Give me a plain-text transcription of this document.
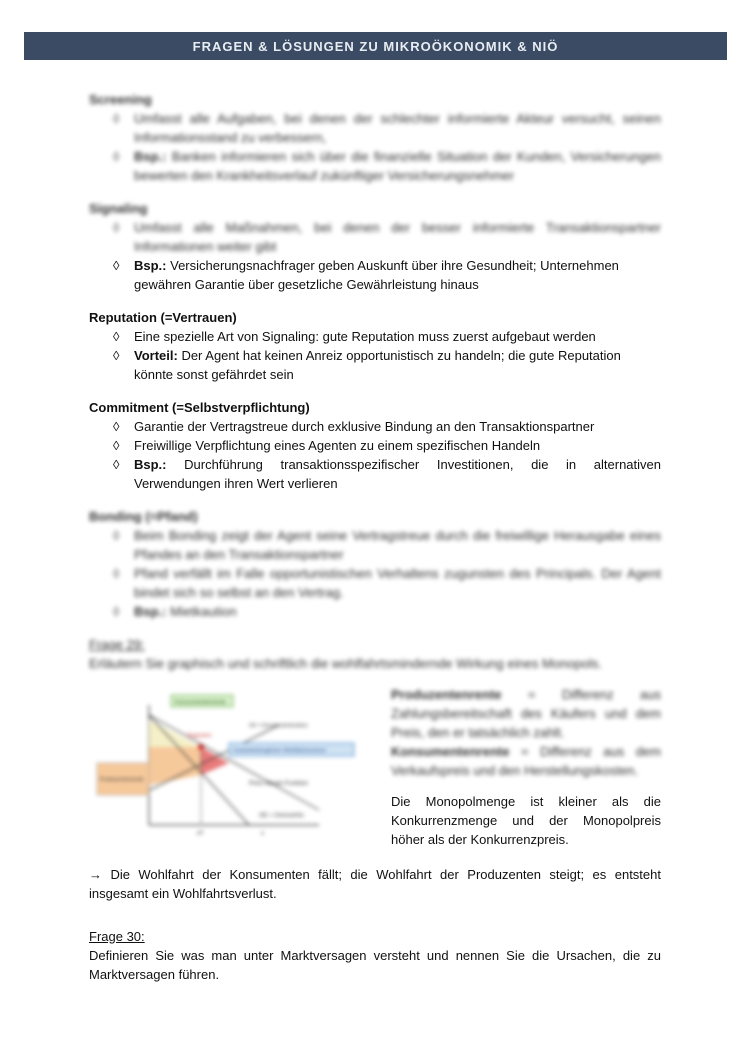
FRAGEN & LÖSUNGEN ZU MIKROÖKONOMIK & NIÖ
Screening
◊ Umfasst alle Aufgaben, bei denen der schlechter informierte Akteur versucht, seinen Informationsstand zu verbessern,
◊ Bsp.: Banken informieren sich über die finanzielle Situation der Kunden, Versicherungen bewerten den Krankheitsverlauf zukünftiger Versicherungsnehmer
Signaling
◊ Umfasst alle Maßnahmen, bei denen der besser informierte Transaktionspartner Informationen weiter gibt
◊ Bsp.: Versicherungsnachfrager geben Auskunft über ihre Gesundheit; Unternehmen gewähren Garantie über gesetzliche Gewährleistung hinaus
Reputation (=Vertrauen)
◊ Eine spezielle Art von Signaling: gute Reputation muss zuerst aufgebaut werden
◊ Vorteil: Der Agent hat keinen Anreiz opportunistisch zu handeln; die gute Reputation könnte sonst gefährdet sein
Commitment (=Selbstverpflichtung)
◊ Garantie der Vertragstreue durch exklusive Bindung an den Transaktionspartner
◊ Freiwillige Verpflichtung eines Agenten zu einem spezifischen Handeln
◊ Bsp.: Durchführung transaktionsspezifischer Investitionen, die in alternativen Verwendungen ihren Wert verlieren
Bonding (=Pfand)
◊ Beim Bonding zeigt der Agent seine Vertragstreue durch die freiwillige Herausgabe eines Pfandes an den Transaktionspartner
◊ Pfand verfällt im Falle opportunistischen Verhaltens zugunsten des Principals. Der Agent bindet sich so selbst an den Vertrag.
◊ Bsp.: Mietkaution
Frage 29:
Erläutern Sie graphisch und schriftlich die wohlfahrtsmindernde Wirkung eines Monopols.
Konsumentenrente
Dagewinn
GK = Grenzkostenfunktion
Unwiederbringlicher Wohlfahrtsverlust
Produzentenrente
Preis-Absatz-Funktion
GE = Grenzerlös
xᴹ	x
Produzentenrente = Differenz aus Zahlungsbereitschaft des Käufers und dem Preis, den er tatsächlich zahlt.
Konsumentenrente = Differenz aus dem Verkaufspreis und den Herstellungskosten.
Die Monopolmenge ist kleiner als die Konkurrenzmenge und der Monopolpreis höher als der Konkurrenzpreis.
→ Die Wohlfahrt der Konsumenten fällt; die Wohlfahrt der Produzenten steigt; es entsteht insgesamt ein Wohlfahrtsverlust.
Frage 30:
Definieren Sie was man unter Marktversagen versteht und nennen Sie die Ursachen, die zu Marktversagen führen.
